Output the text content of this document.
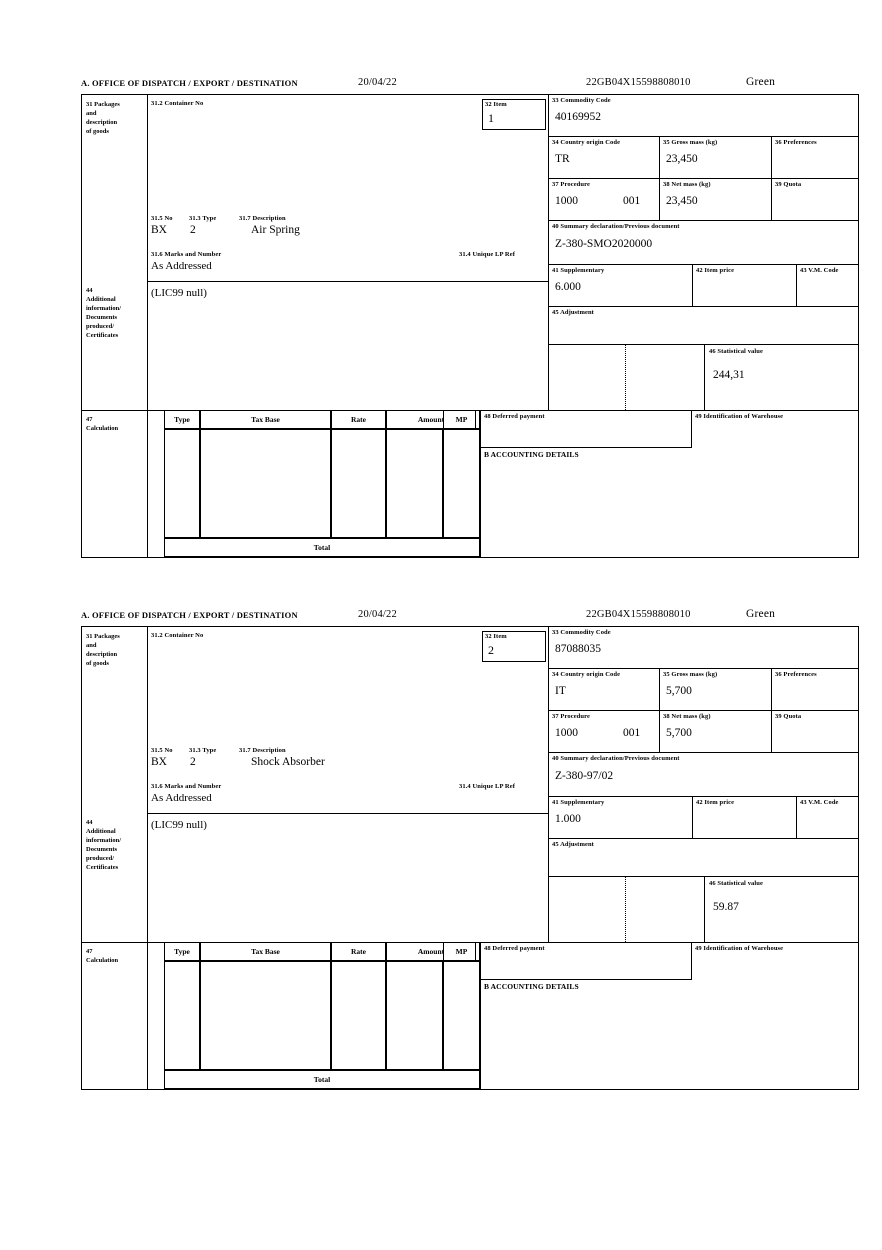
A. OFFICE OF DISPATCH / EXPORT / DESTINATION	20/04/22	22GB04X15598808010	Green
31 Packages
and
description
of goods
44
Additional
information/
Documents
produced/
Certificates
47
Calculation
31.2 Container No
31.5 No	31.3 Type	31.7 Description
BX 2	Air Spring
31.6 Marks and Number
As Addressed
31.4 Unique LP Ref
32 Item
1
(LIC99 null)
33 Commodity Code
40169952
34 Country origin Code
TR
35 Gross mass (kg)
23,450
36 Preferences
37 Procedure
1000	001
38 Net mass (kg)
23,450
39 Quota
40 Summary declaration/Previous document
Z-380-SMO2020000
41 Supplementary
6.000
42 Item price	43 V.M. Code
45 Adjustment
46 Statistical value
244,31
Type	Tax Base	Rate	Amount	MP
Total
48 Deferred payment	49 Identification of Warehouse
B ACCOUNTING DETAILS
A. OFFICE OF DISPATCH / EXPORT / DESTINATION	20/04/22	22GB04X15598808010	Green
31 Packages
and
description
of goods
44
Additional
information/
Documents
produced/
Certificates
47
Calculation
31.2 Container No
31.5 No	31.3 Type	31.7 Description
BX 2	Shock Absorber
31.6 Marks and Number
As Addressed
31.4 Unique LP Ref
32 Item
2
(LIC99 null)
33 Commodity Code
87088035
34 Country origin Code
IT
35 Gross mass (kg)
5,700
36 Preferences
37 Procedure
1000	001
38 Net mass (kg)
5,700
39 Quota
40 Summary declaration/Previous document
Z-380-97/02
41 Supplementary
1.000
42 Item price	43 V.M. Code
45 Adjustment
46 Statistical value
59.87
Type	Tax Base	Rate	Amount	MP
Total
48 Deferred payment	49 Identification of Warehouse
B ACCOUNTING DETAILS
